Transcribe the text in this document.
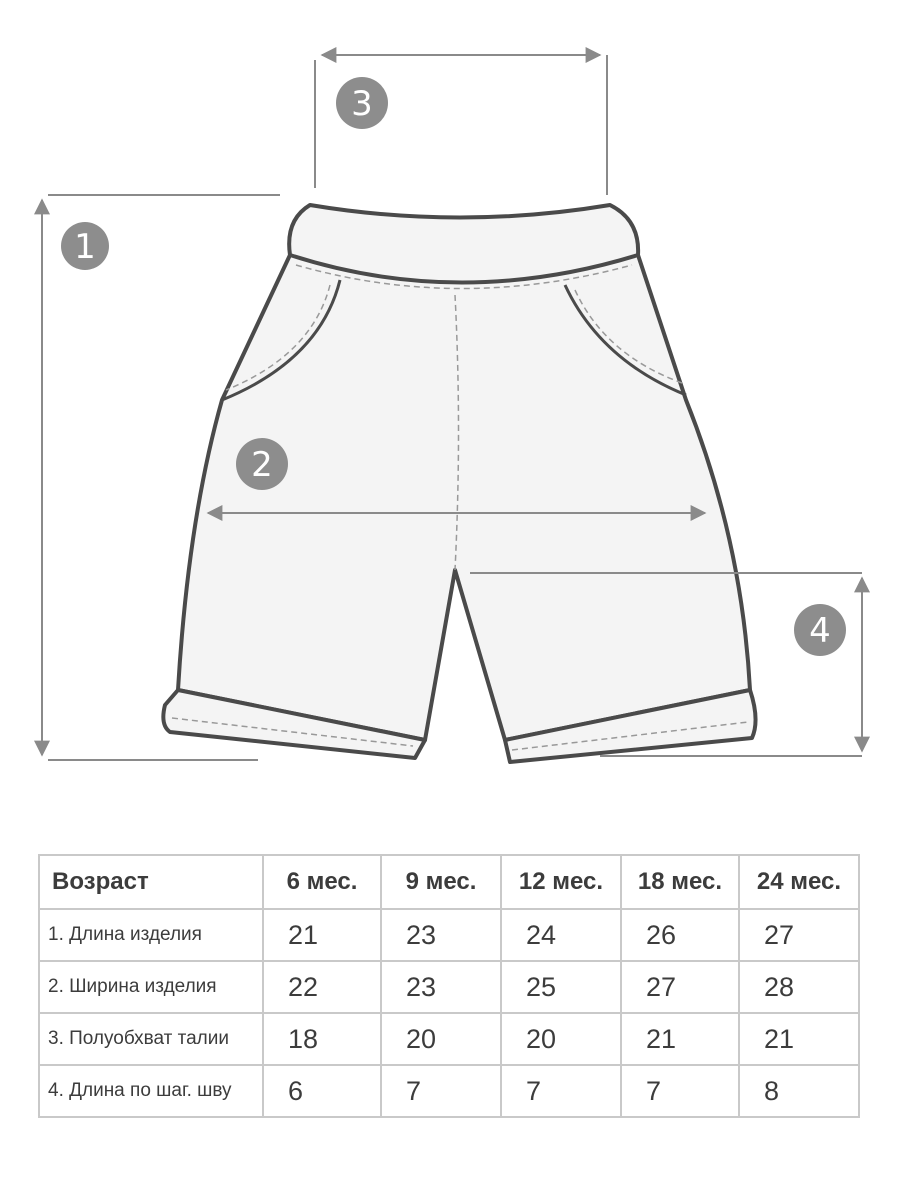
1
2
3
4
Возраст	6 мес.	9 мес.	12 мес.	18 мес.	24 мес.
1. Длина изделия	21	23	24	26	27
2. Ширина изделия	22	23	25	27	28
3. Полуобхват талии	18	20	20	21	21
4. Длина по шаг. шву	6	7	7	7	8
